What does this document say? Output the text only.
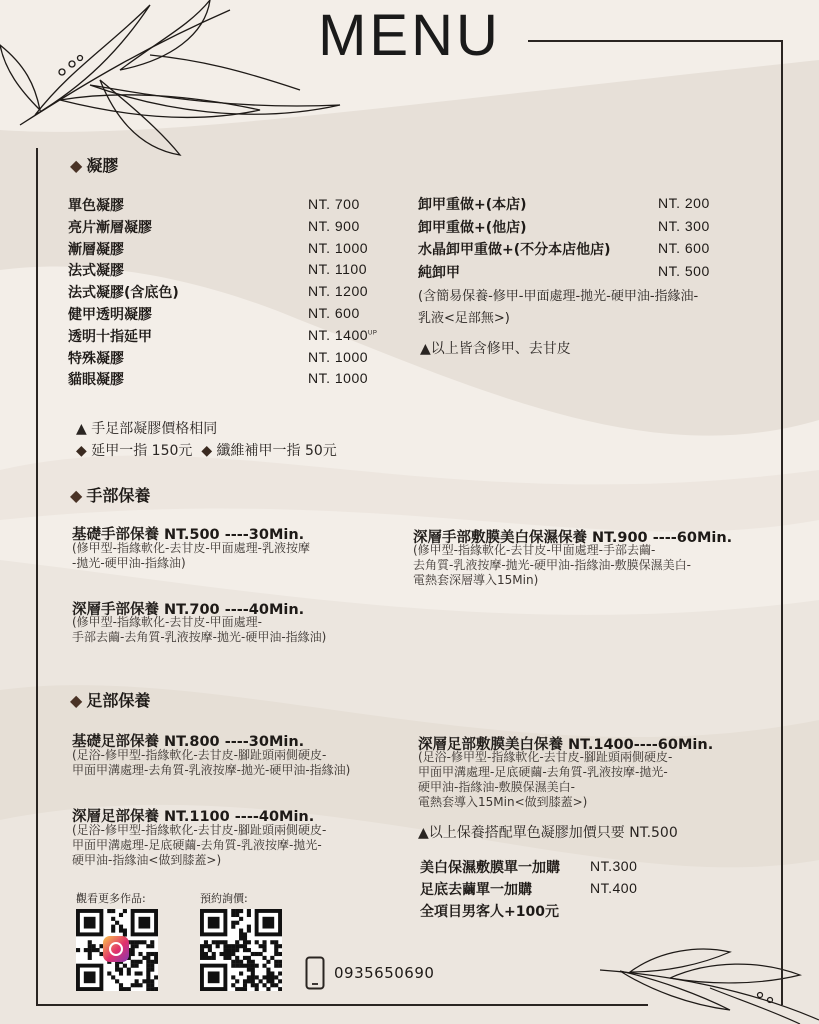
MENU
◆ 凝膠
單色凝膠	NT. 700
亮片漸層凝膠	NT. 900
漸層凝膠	NT. 1000
法式凝膠	NT. 1100
法式凝膠(含底色)	NT. 1200
健甲透明凝膠	NT. 600
透明十指延甲	NT. $1400^{UP}$
特殊凝膠	NT. 1000
貓眼凝膠	NT. 1000
卸甲重做+(本店)	NT. 200
卸甲重做+(他店)	NT. 300
水晶卸甲重做+(不分本店他店)	NT. 600
純卸甲	NT. 500
(含簡易保養-修甲-甲面處理-拋光-硬甲油-指緣油-
乳液<足部無>)
▲以上皆含修甲、去甘皮
▲ 手足部凝膠價格相同
◆ 延甲一指 150元 ◆ 纖維補甲一指 50元
◆ 手部保養
基礎手部保養 NT.500 ----30Min.
(修甲型-指緣軟化-去甘皮-甲面處理-乳液按摩
-拋光-硬甲油-指緣油)
深層手部敷膜美白保濕保養 NT.900 ----60Min.
(修甲型-指緣軟化-去甘皮-甲面處理-手部去繭-
去角質-乳液按摩-拋光-硬甲油-指緣油-敷膜保濕美白-
電熱套深層導入15Min)
深層手部保養 NT.700 ----40Min.
(修甲型-指緣軟化-去甘皮-甲面處理-
手部去繭-去角質-乳液按摩-拋光-硬甲油-指緣油)
◆ 足部保養
基礎足部保養 NT.800 ----30Min.
(足浴-修甲型-指緣軟化-去甘皮-腳趾頭兩側硬皮-
甲面甲溝處理-去角質-乳液按摩-拋光-硬甲油-指緣油)
深層足部敷膜美白保養 NT.1400----60Min.
(足浴-修甲型-指緣軟化-去甘皮-腳趾頭兩側硬皮-
甲面甲溝處理-足底硬繭-去角質-乳液按摩-拋光-
硬甲油-指緣油-敷膜保濕美白-
電熱套導入15Min<做到膝蓋>)
深層足部保養 NT.1100 ----40Min.
(足浴-修甲型-指緣軟化-去甘皮-腳趾頭兩側硬皮-
甲面甲溝處理-足底硬繭-去角質-乳液按摩-拋光-
硬甲油-指緣油<做到膝蓋>)
▲以上保養搭配單色凝膠加價只要 NT.500
美白保濕敷膜單一加購 NT.300
足底去繭單一加購	NT.400
全項目男客人+100元
觀看更多作品:	預約詢價:
0935650690
